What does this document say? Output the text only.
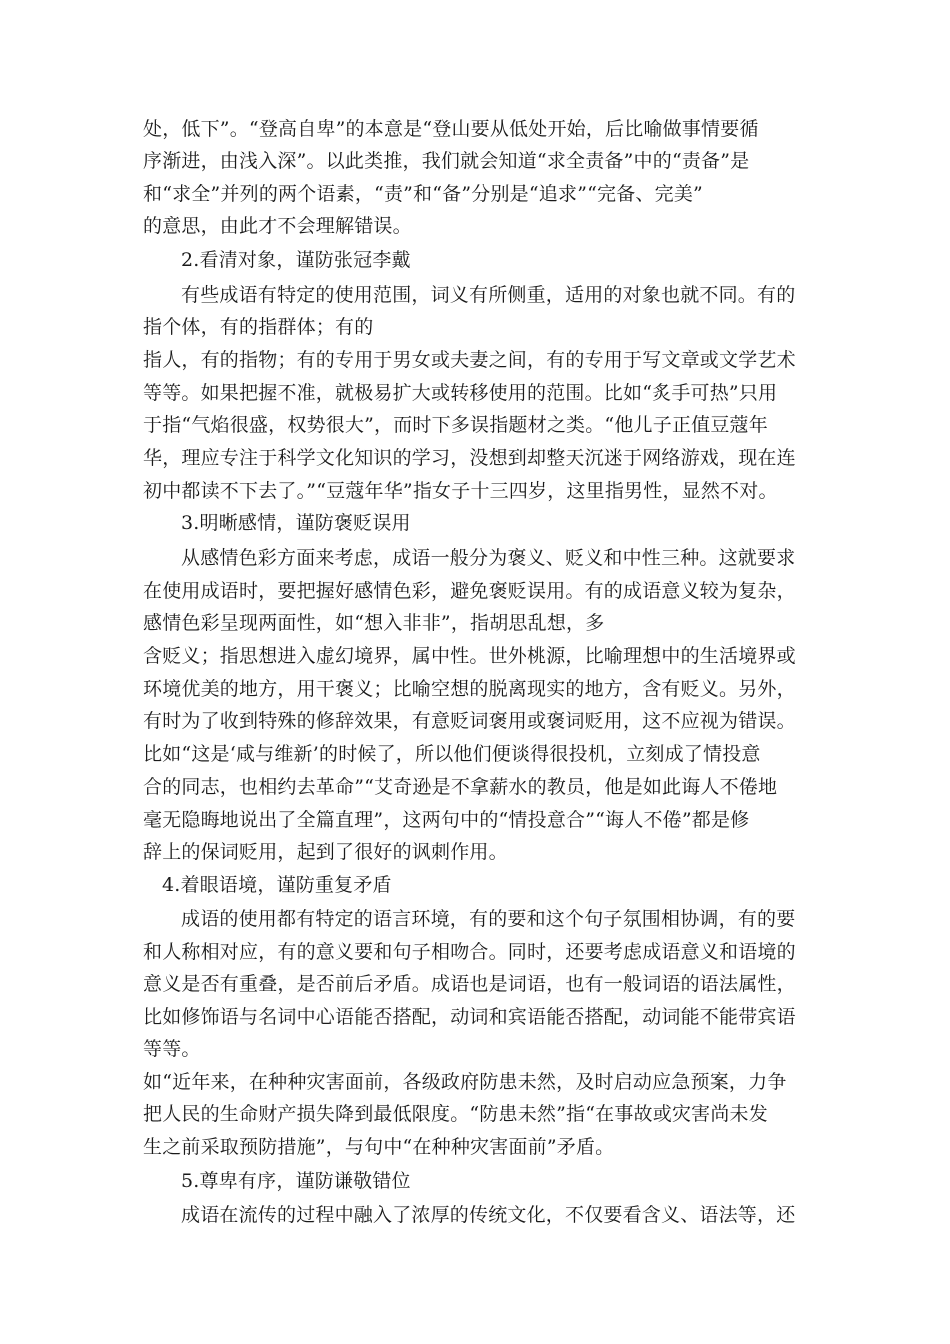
处，低下”。“登高自卑”的本意是“登山要从低处开始，后比喻做事情要循
序渐进，由浅入深”。以此类推，我们就会知道“求全责备”中的“责备”是
和“求全”并列的两个语素，“责”和“备”分别是“追求”“完备、完美”
的意思，由此才不会理解错误。
2.看清对象，谨防张冠李戴
有些成语有特定的使用范围，词义有所侧重，适用的对象也就不同。有的
指个体，有的指群体；有的
指人，有的指物；有的专用于男女或夫妻之间，有的专用于写文章或文学艺术
等等。如果把握不准，就极易扩大或转移使用的范围。比如“炙手可热”只用
于指“气焰很盛，权势很大”，而时下多误指题材之类。“他儿子正值豆蔻年
华，理应专注于科学文化知识的学习，没想到却整天沉迷于网络游戏，现在连
初中都读不下去了。”“豆蔻年华”指女子十三四岁，这里指男性，显然不对。
3.明晰感情，谨防褒贬误用
从感情色彩方面来考虑，成语一般分为褒义、贬义和中性三种。这就要求
在使用成语时，要把握好感情色彩，避免褒贬误用。有的成语意义较为复杂，
感情色彩呈现两面性，如“想入非非”，指胡思乱想，多
含贬义；指思想进入虚幻境界，属中性。世外桃源，比喻理想中的生活境界或
环境优美的地方，用干褒义；比喻空想的脱离现实的地方，含有贬义。另外，
有时为了收到特殊的修辞效果，有意贬词褒用或褒词贬用，这不应视为错误。
比如“这是‘咸与维新’的时候了，所以他们便谈得很投机，立刻成了情投意
合的同志，也相约去革命”“艾奇逊是不拿薪水的教员，他是如此诲人不倦地
毫无隐晦地说出了全篇直理”，这两句中的“情投意合”“诲人不倦”都是修
辞上的保词贬用，起到了很好的讽刺作用。
4.着眼语境，谨防重复矛盾
成语的使用都有特定的语言环境，有的要和这个句子氛围相协调，有的要
和人称相对应，有的意义要和句子相吻合。同时，还要考虑成语意义和语境的
意义是否有重叠，是否前后矛盾。成语也是词语，也有一般词语的语法属性，
比如修饰语与名词中心语能否搭配，动词和宾语能否搭配，动词能不能带宾语
等等。
如“近年来，在种种灾害面前，各级政府防患未然，及时启动应急预案，力争
把人民的生命财产损失降到最低限度。“防患未然”指“在事故或灾害尚未发
生之前采取预防措施”，与句中“在种种灾害面前”矛盾。
5.尊卑有序，谨防谦敬错位
成语在流传的过程中融入了浓厚的传统文化，不仅要看含义、语法等，还
